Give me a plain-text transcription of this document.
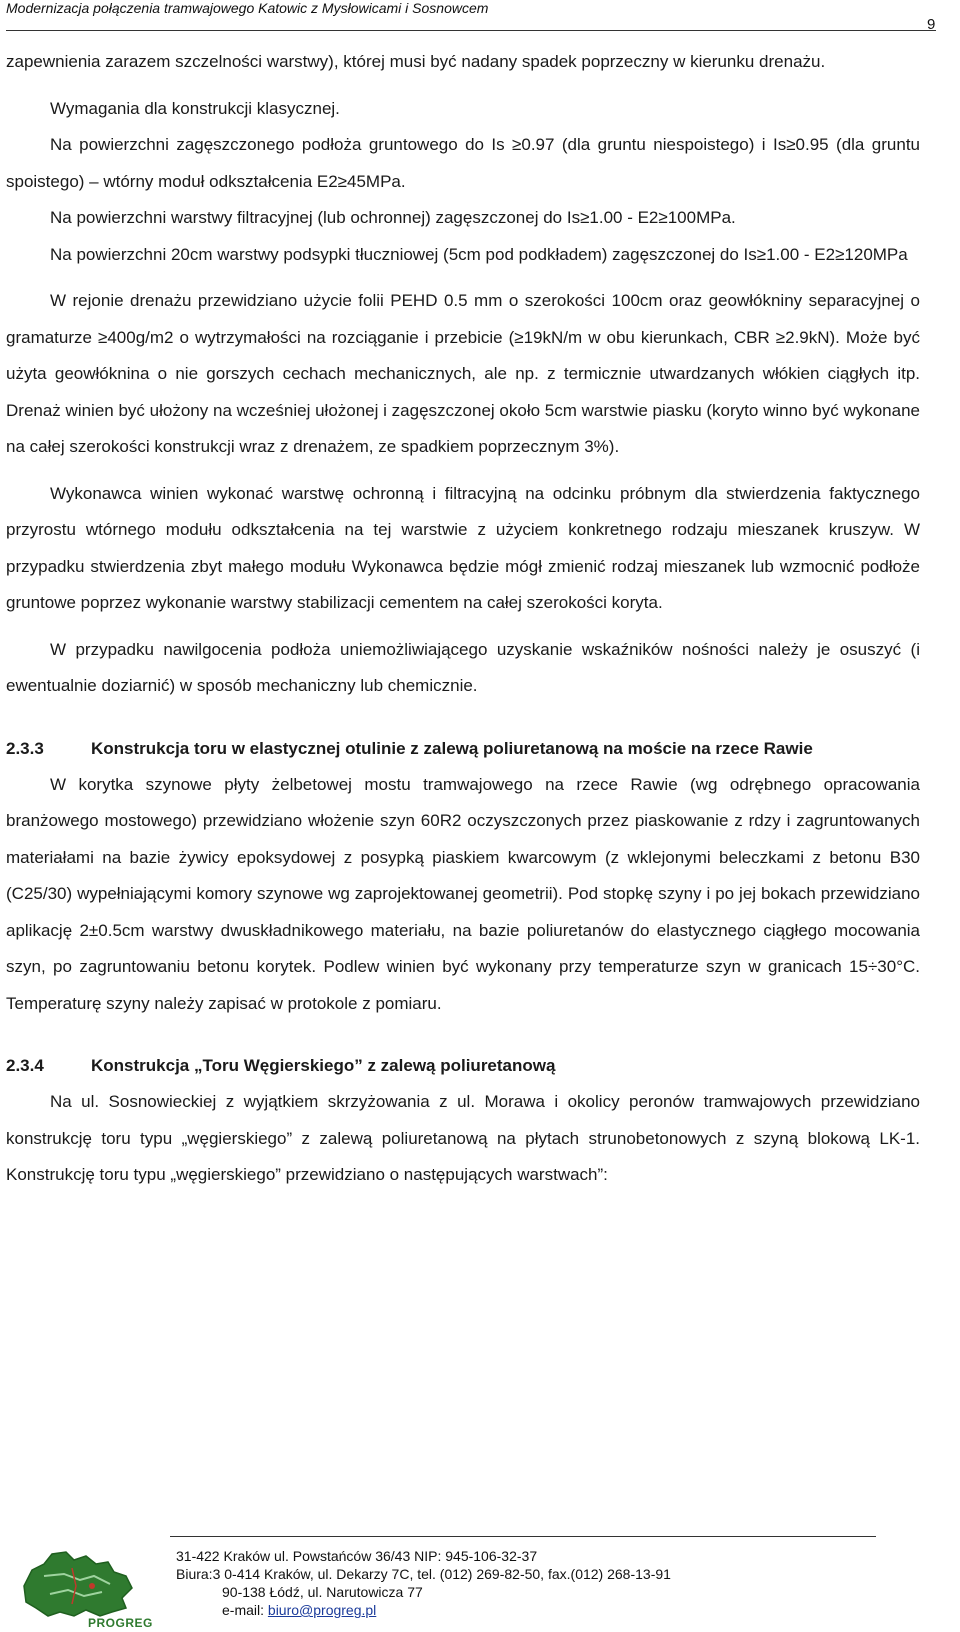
Modernizacja połączenia tramwajowego Katowic z Mysłowicami i Sosnowcem
9

zapewnienia zarazem szczelności warstwy), której musi być nadany spadek poprzeczny w kierunku drenażu.

Wymagania dla konstrukcji klasycznej.

Na powierzchni zagęszczonego podłoża gruntowego do Is ≥0.97 (dla gruntu niespoistego) i Is≥0.95 (dla gruntu spoistego) – wtórny moduł odkształcenia E2≥45MPa.

Na powierzchni warstwy filtracyjnej (lub ochronnej) zagęszczonej do Is≥1.00 - E2≥100MPa.

Na powierzchni 20cm warstwy podsypki tłuczniowej (5cm pod podkładem) zagęszczonej do Is≥1.00 - E2≥120MPa

W rejonie drenażu przewidziano użycie folii PEHD 0.5 mm o szerokości 100cm oraz geowłókniny separacyjnej o gramaturze ≥400g/m2 o wytrzymałości na rozciąganie i przebicie (≥19kN/m w obu kierunkach, CBR ≥2.9kN). Może być użyta geowłóknina o nie gorszych cechach mechanicznych, ale np. z termicznie utwardzanych włókien ciągłych itp. Drenaż winien być ułożony na wcześniej ułożonej i zagęszczonej około 5cm warstwie piasku (koryto winno być wykonane na całej szerokości konstrukcji wraz z drenażem, ze spadkiem poprzecznym 3%).

Wykonawca winien wykonać warstwę ochronną i filtracyjną na odcinku próbnym dla stwierdzenia faktycznego przyrostu wtórnego modułu odkształcenia na tej warstwie z użyciem konkretnego rodzaju mieszanek kruszyw. W przypadku stwierdzenia zbyt małego modułu Wykonawca będzie mógł zmienić rodzaj mieszanek lub wzmocnić podłoże gruntowe poprzez wykonanie warstwy stabilizacji cementem na całej szerokości koryta.

W przypadku nawilgocenia podłoża uniemożliwiającego uzyskanie wskaźników nośności należy je osuszyć (i ewentualnie doziarnić) w sposób mechaniczny lub chemicznie.

2.3.3	Konstrukcja toru w elastycznej otulinie z zalewą poliuretanową na moście na rzece Rawie

W korytka szynowe płyty żelbetowej mostu tramwajowego na rzece Rawie (wg odrębnego opracowania branżowego mostowego) przewidziano włożenie szyn 60R2 oczyszczonych przez piaskowanie z rdzy i zagruntowanych materiałami na bazie żywicy epoksydowej z posypką piaskiem kwarcowym (z wklejonymi beleczkami z betonu B30 (C25/30) wypełniającymi komory szynowe wg zaprojektowanej geometrii). Pod stopkę szyny i po jej bokach przewidziano aplikację 2±0.5cm warstwy dwuskładnikowego materiału, na bazie poliuretanów do elastycznego ciągłego mocowania szyn, po zagruntowaniu betonu korytek. Podlew winien być wykonany przy temperaturze szyn w granicach 15÷30°C. Temperaturę szyny należy zapisać w protokole z pomiaru.

2.3.4	Konstrukcja „Toru Węgierskiego” z zalewą poliuretanową

Na ul. Sosnowieckiej z wyjątkiem skrzyżowania z ul. Morawa i okolicy peronów tramwajowych przewidziano konstrukcję toru typu „węgierskiego” z zalewą poliuretanową na płytach strunobetonowych z szyną blokową LK-1. Konstrukcję toru typu „węgierskiego” przewidziano o następujących warstwach”:

PROGREG
31-422 Kraków ul. Powstańców 36/43 NIP: 945-106-32-37
Biura:3 0-414 Kraków, ul. Dekarzy 7C, tel. (012) 269-82-50, fax.(012) 268-13-91
90-138 Łódź, ul. Narutowicza 77
e-mail: biuro@progreg.pl
